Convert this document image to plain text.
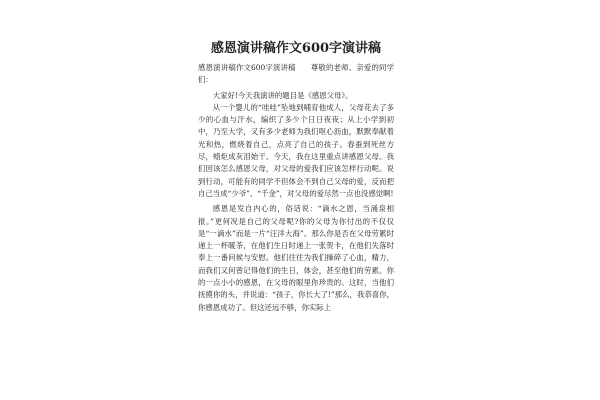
感恩演讲稿作文600字演讲稿

感恩演讲稿作文600字演讲稿　　尊敬的老师、亲爱的同学们：

大家好!今天我演讲的题目是《感恩父母》。

从一个婴儿的“哇哇”坠地到哺育他成人，父母花去了多少的心血与汗水，编织了多少个日日夜夜；从上小学到初中，乃至大学，又有多少老师为我们呕心沥血，默默奉献着光和热，燃烧着自己，点亮了自己的孩子。春蚕到死丝方尽，蜡炬成灰泪始干。今天，我在这里重点讲感恩父母。我们因该怎么感恩父母，对父母的爱我们应该怎样行动呢。说到行动，可能有的同学不但体会不到自己父母的爱，反而把自己当成“少爷”、“千金”，对父母的爱尽然一点也没感觉啊!

感恩是发自内心的，俗话说：“滴水之恩，当涌泉相报。”更何况是自己的父母呢?你的父母为你付出的不仅仅是“一滴水”而是一片“汪洋大海”。那么你是否在父母劳累时递上一杯暖茶，在他们生日时递上一张贺卡，在他们失落时奉上一番问候与安慰。他们往往为我们操碎了心血，精力，而我们又何曾记得他们的生日，体会，甚至他们的劳累。你的一点小小的感恩，在父母的眼里你珍贵的。这时，当他们抚摸你的头，并说道：“孩子，你长大了!”那么，我恭喜你，你感恩成功了。但这还远不够，你实际上
